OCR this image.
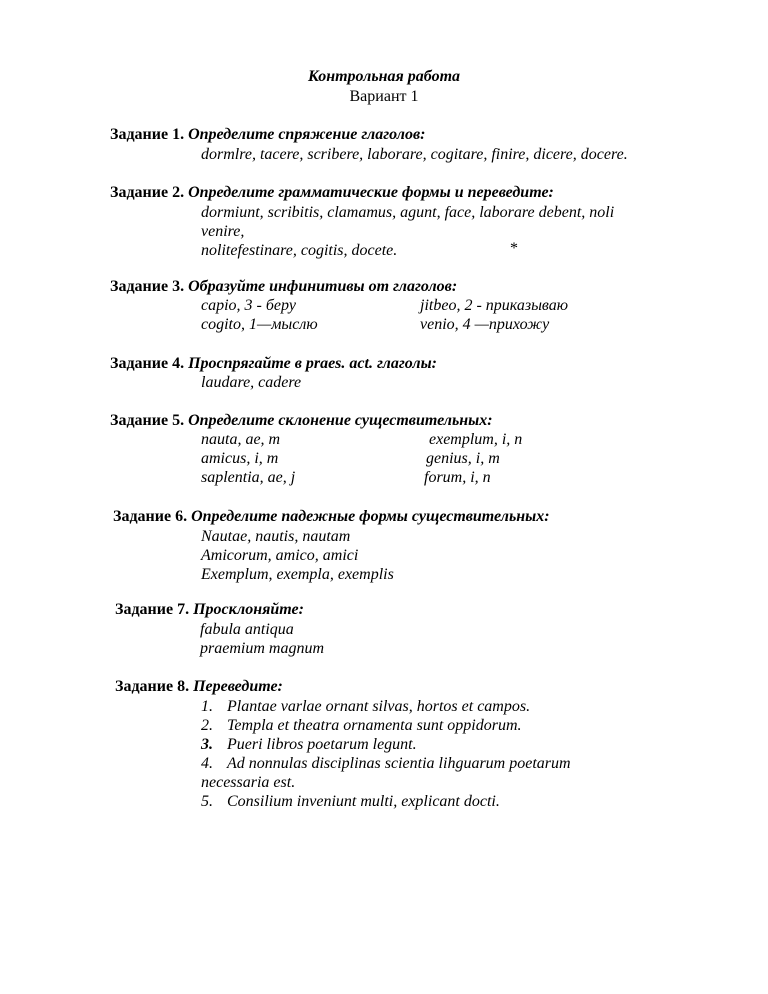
Контрольная работа
Вариант 1
Задание 1. Определите спряжение глаголов:
dormlre, tacere, scribere, laborare, cogitare, finire, dicere, docere.
Задание 2. Определите грамматические формы и переведите:
dormiunt, scribitis, clamamus, agunt, face, laborare debent, noli
venire,
nolitefestinare, cogitis, docete.	*
Задание 3. Образуйте инфинитивы от глаголов:
capio, 3 - беру
cogito, 1—мыслю
jitbeo, 2 - приказываю
venio, 4 —прихожу
Задание 4. Проспрягайте в praes. act. глаголы:
laudare, cadere
Задание 5. Определите склонение существительных:
nauta, ae, m
amicus, i, m
saplentia, ae, j
exemplum, i, n
genius, i, m
forum, i, n
Задание 6. Определите падежные формы существительных:
Nautae, nautis, nautam
Amicorum, amico, amici
Exemplum, exempla, exemplis
Задание 7. Просклоняйте:
fabula antiqua
praemium magnum
Задание 8. Переведите:
1. Plantae varlae ornant silvas, hortos et campos.
2. Templa et theatra ornamenta sunt oppidorum.
3. Pueri libros poetarum legunt.
4. Ad nonnulas disciplinas scientia lihguarum poetarum
necessaria est.
5. Consilium inveniunt multi, explicant docti.
